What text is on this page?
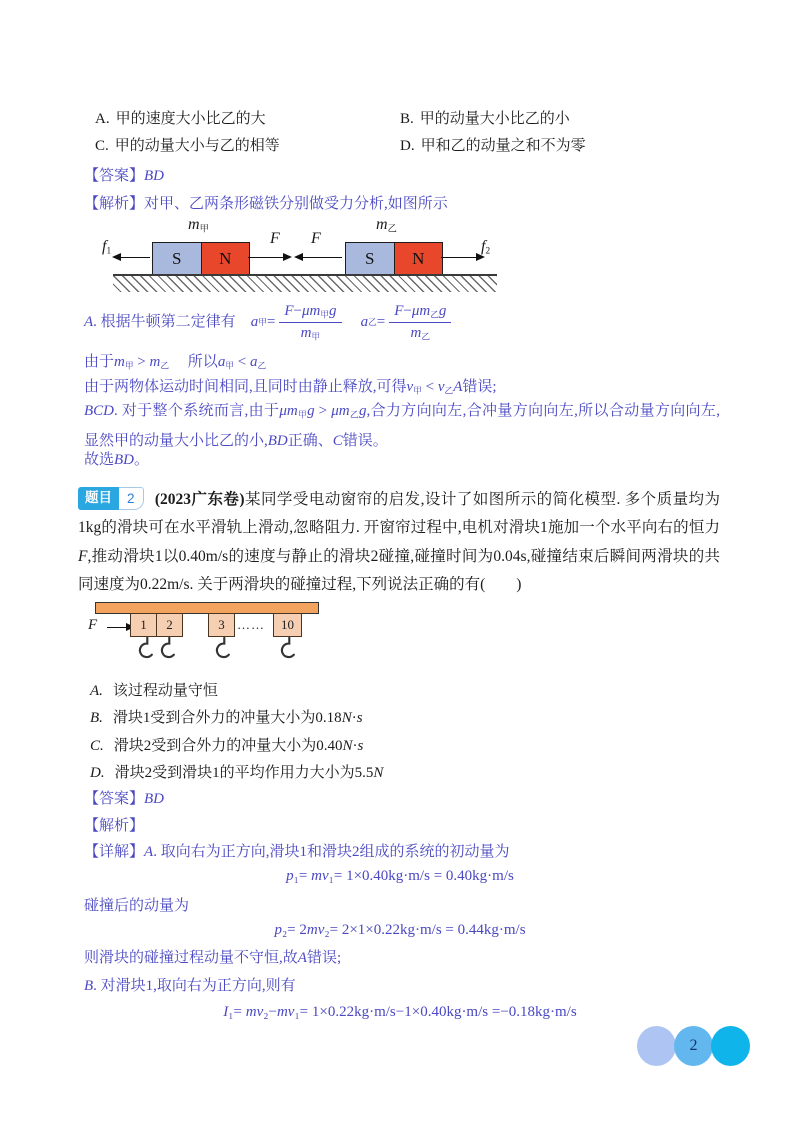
A. 甲的速度大小比乙的大	B. 甲的动量大小比乙的小
C. 甲的动量大小与乙的相等	D. 甲和乙的动量之和不为零
【答案】BD
【解析】对甲、乙两条形磁铁分别做受力分析,如图所示
$m_甲$	$m_乙$
$f_1$	S	N
F F
S	N
$f_2$
A . 根据牛顿第二定律有　 a 甲 = $\frac{F-\mu m_甲g}{m_甲}$
　 a 乙 = $\frac{F-\mu m_乙g}{m_乙}$
由于$m_甲 > m_乙$　 所以$a_甲 < a_乙$
由于两物体运动时间相同,且同时由静止释放,可得$v_甲 < v_乙A$错误;
BCD. 对于整个系统而言,由于$\mu m_甲g > \mu m_乙g$,合力方向向左,合冲量方向向左,所以合动量方向向左,显然甲的动量大小比乙的小,BD正确、C错误。
故选BD。
题目	2	(2023广东卷)某同学受电动窗帘的启发,设计了如图所示的简化模型. 多个质量均为1kg的滑块可在水平滑轨上滑动,忽略阻力. 开窗帘过程中,电机对滑块1施加一个水平向右的恒力F,推动滑块1以0.40m/s的速度与静止的滑块2碰撞,碰撞时间为0.04s,碰撞结束后瞬间两滑块的共同速度为0.22m/s. 关于两滑块的碰撞过程,下列说法正确的有(　　)
F	1 2	3 …… 10
A. 该过程动量守恒
B. 滑块1受到合外力的冲量大小为0.18N·s
C. 滑块2受到合外力的冲量大小为0.40N·s
D. 滑块2受到滑块1的平均作用力大小为5.5N
【答案】BD
【解析】
【详解】A. 取向右为正方向,滑块1和滑块2组成的系统的初动量为
p₁= mv₁= 1×0.40kg·m/s = 0.40kg·m/s
碰撞后的动量为
p₂= 2mv₂= 2×1×0.22kg·m/s = 0.44kg·m/s
则滑块的碰撞过程动量不守恒,故A错误;
B. 对滑块1,取向右为正方向,则有
I₁= mv₂−mv₁= 1×0.22kg·m/s−1×0.40kg·m/s =−0.18kg·m/s
2
